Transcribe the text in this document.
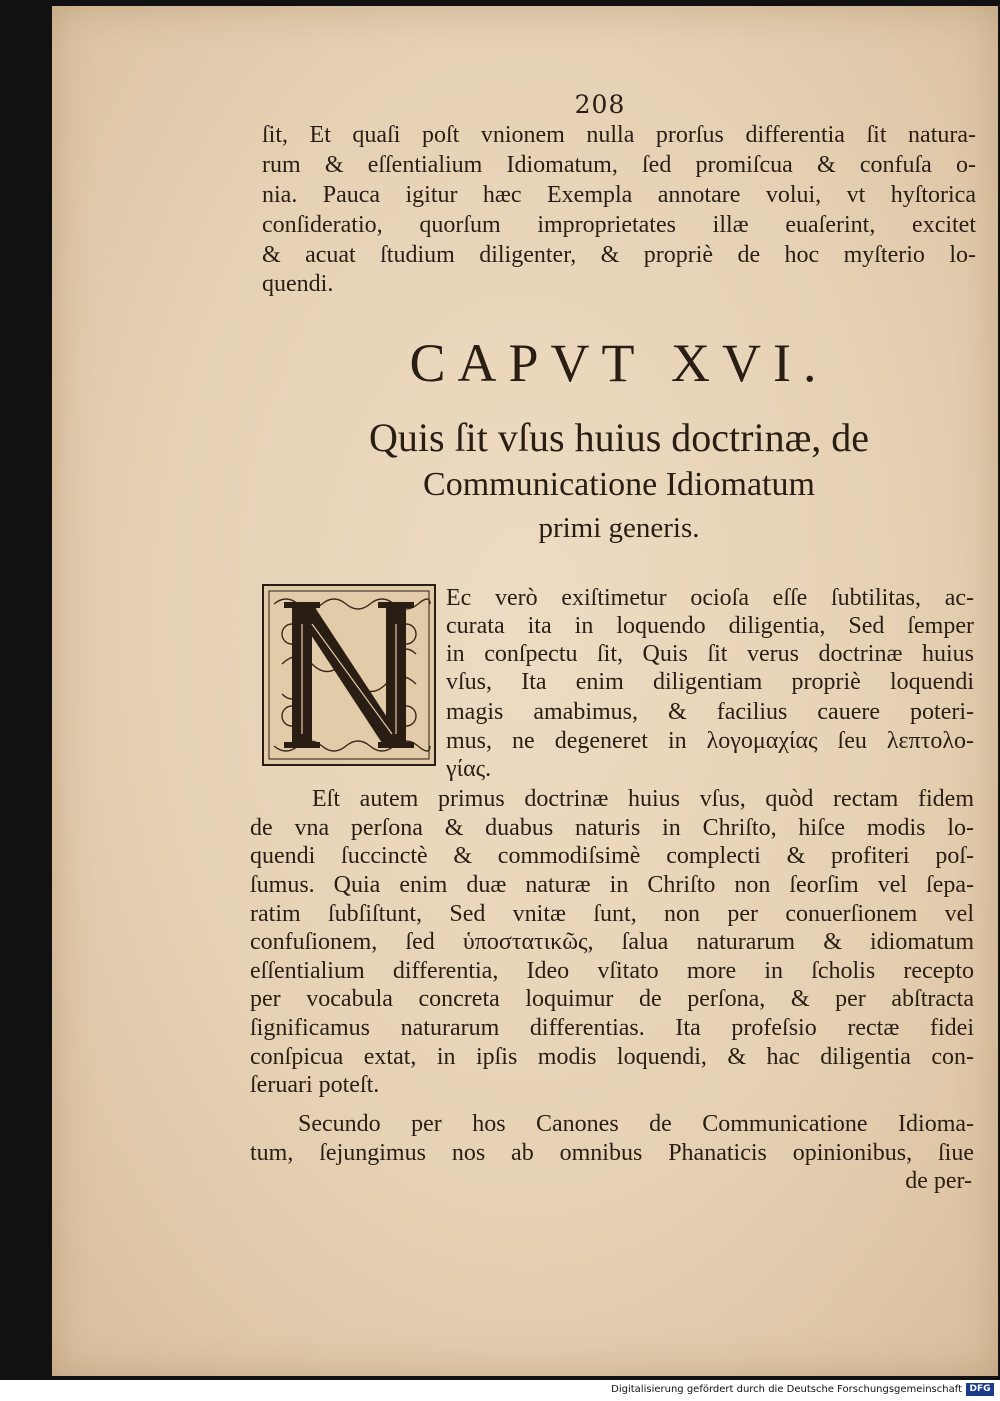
208
ſit, Et quaſi poſt vnionem nulla prorſus differentia ſit natura-
rum & eſſentialium Idiomatum, ſed promiſcua & confuſa o-
nia. Pauca igitur hæc Exempla annotare volui, vt hyſtorica
conſideratio, quorſum improprietates illæ euaſerint, excitet
& acuat ſtudium diligenter, & propriè de hoc myſterio lo-
quendi.
CAPVT XVI.
Quis ſit vſus huius doctrinæ, de
Communicatione Idiomatum
primi generis.
Ec verò exiſtimetur ocioſa eſſe ſubtilitas, ac-
curata ita in loquendo diligentia, Sed ſemper
in conſpectu ſit, Quis ſit verus doctrinæ huius
vſus, Ita enim diligentiam propriè loquendi
magis amabimus, & facilius cauere poteri-
mus, ne degeneret in λογομαχίας ſeu λεπτολο-
γίας.
Eſt autem primus doctrinæ huius vſus, quòd rectam fidem
de vna perſona & duabus naturis in Chriſto, hiſce modis lo-
quendi ſuccinctè & commodiſsimè complecti & profiteri poſ-
ſumus. Quia enim duæ naturæ in Chriſto non ſeorſim vel ſepa-
ratim ſubſiſtunt, Sed vnitæ ſunt, non per conuerſionem vel
confuſionem, ſed ὑποστατικῶς, ſalua naturarum & idiomatum
eſſentialium differentia, Ideo vſitato more in ſcholis recepto
per vocabula concreta loquimur de perſona, & per abſtracta
ſignificamus naturarum differentias. Ita profeſsio rectæ fidei
conſpicua extat, in ipſis modis loquendi, & hac diligentia con-
ſeruari poteſt.
Secundo per hos Canones de Communicatione Idioma-
tum, ſejungimus nos ab omnibus Phanaticis opinionibus, ſiue
de per-
Digitalisierung gefördert durch die Deutsche Forschungsgemeinschaft DFG
